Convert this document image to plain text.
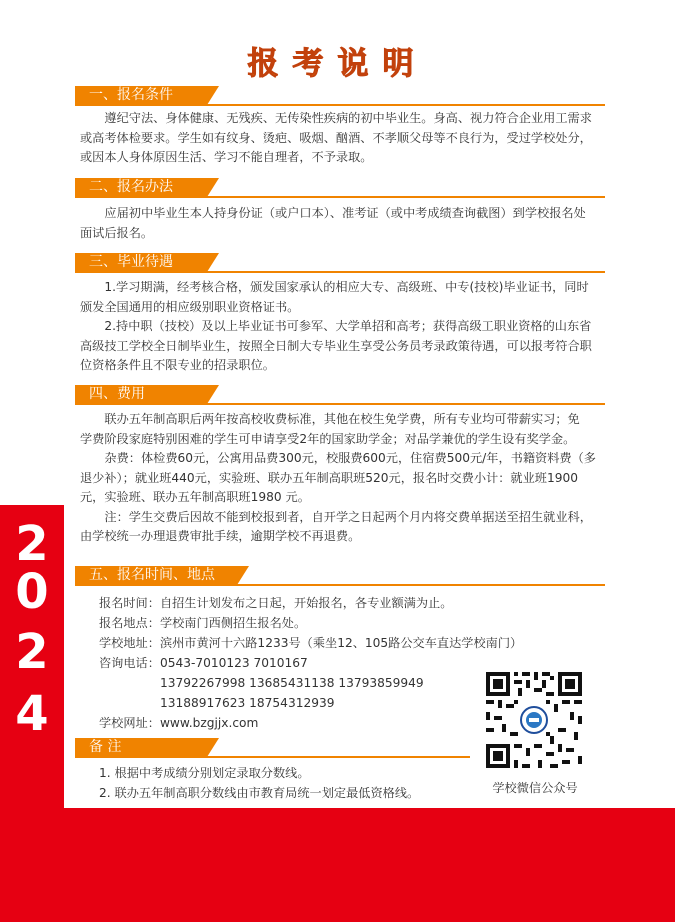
2
0
2
4
报考说明
一、报名条件
遵纪守法、身体健康、无残疾、无传染性疾病的初中毕业生。身高、视力符合企业用工需求
或高考体检要求。学生如有纹身、烫疤、吸烟、酗酒、不孝顺父母等不良行为，受过学校处分，
或因本人身体原因生活、学习不能自理者，不予录取。
二、报名办法
应届初中毕业生本人持身份证（或户口本）、准考证（或中考成绩查询截图）到学校报名处
面试后报名。
三、毕业待遇
1.学习期满，经考核合格，颁发国家承认的相应大专、高级班、中专(技校)毕业证书，同时
颁发全国通用的相应级别职业资格证书。
2.持中职（技校）及以上毕业证书可参军、大学单招和高考；获得高级工职业资格的山东省
高级技工学校全日制毕业生，按照全日制大专毕业生享受公务员考录政策待遇，可以报考符合职
位资格条件且不限专业的招录职位。
四、费用
联办五年制高职后两年按高校收费标准，其他在校生免学费，所有专业均可带薪实习；免
学费阶段家庭特别困难的学生可申请享受2年的国家助学金；对品学兼优的学生设有奖学金。
杂费：体检费60元，公寓用品费300元，校服费600元，住宿费500元/年，书籍资料费（多
退少补）；就业班440元，实验班、联办五年制高职班520元，报名时交费小计：就业班1900
元，实验班、联办五年制高职班1980 元。
注：学生交费后因故不能到校报到者，自开学之日起两个月内将交费单据送至招生就业科，
由学校统一办理退费审批手续，逾期学校不再退费。
五、报名时间、地点
报名时间：自招生计划发布之日起，开始报名，各专业额满为止。
报名地点：学校南门西侧招生报名处。
学校地址：滨州市黄河十六路1233号（乘坐12、105路公交车直达学校南门）
咨询电话：0543-7010123 7010167
13792267998 13685431138 13793859949
13188917623 18754312939
学校网址：www.bzgjjx.com
备 注
1. 根据中考成绩分别划定录取分数线。
2. 联办五年制高职分数线由市教育局统一划定最低资格线。	学校微信公众号
